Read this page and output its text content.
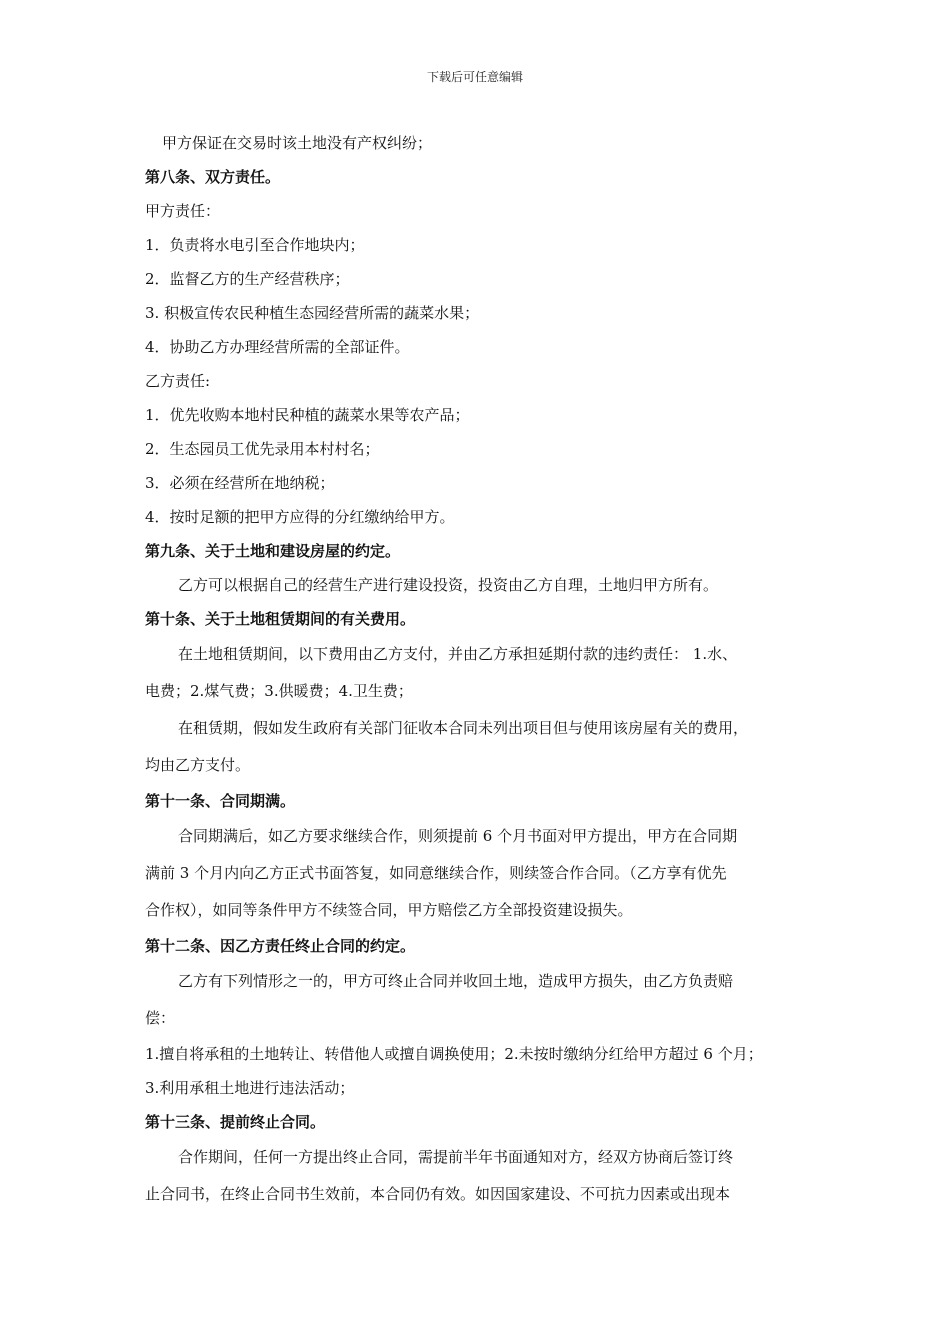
下载后可任意编辑
甲方保证在交易时该土地没有产权纠纷；
第八条、双方责任。
甲方责任：
1．负责将水电引至合作地块内；
2．监督乙方的生产经营秩序；
3. 积极宣传农民种植生态园经营所需的蔬菜水果；
4．协助乙方办理经营所需的全部证件。
乙方责任:
1．优先收购本地村民种植的蔬菜水果等农产品；
2．生态园员工优先录用本村村名；
3．必须在经营所在地纳税；
4．按时足额的把甲方应得的分红缴纳给甲方。
第九条、关于土地和建设房屋的约定。
乙方可以根据自己的经营生产进行建设投资，投资由乙方自理，土地归甲方所有。
第十条、关于土地租赁期间的有关费用。
在土地租赁期间，以下费用由乙方支付，并由乙方承担延期付款的违约责任： 1.水、
电费；2.煤气费；3.供暖费；4.卫生费；
在租赁期，假如发生政府有关部门征收本合同未列出项目但与使用该房屋有关的费用，
均由乙方支付。
第十一条、合同期满。
合同期满后，如乙方要求继续合作，则须提前 6 个月书面对甲方提出，甲方在合同期
满前 3 个月内向乙方正式书面答复，如同意继续合作，则续签合作合同。（乙方享有优先
合作权），如同等条件甲方不续签合同，甲方赔偿乙方全部投资建设损失。
第十二条、因乙方责任终止合同的约定。
乙方有下列情形之一的，甲方可终止合同并收回土地，造成甲方损失，由乙方负责赔
偿：
1.擅自将承租的土地转让、转借他人或擅自调换使用；2.未按时缴纳分红给甲方超过 6 个月；
3.利用承租土地进行违法活动；
第十三条、提前终止合同。
合作期间，任何一方提出终止合同，需提前半年书面通知对方，经双方协商后签订终
止合同书，在终止合同书生效前，本合同仍有效。如因国家建设、不可抗力因素或出现本
